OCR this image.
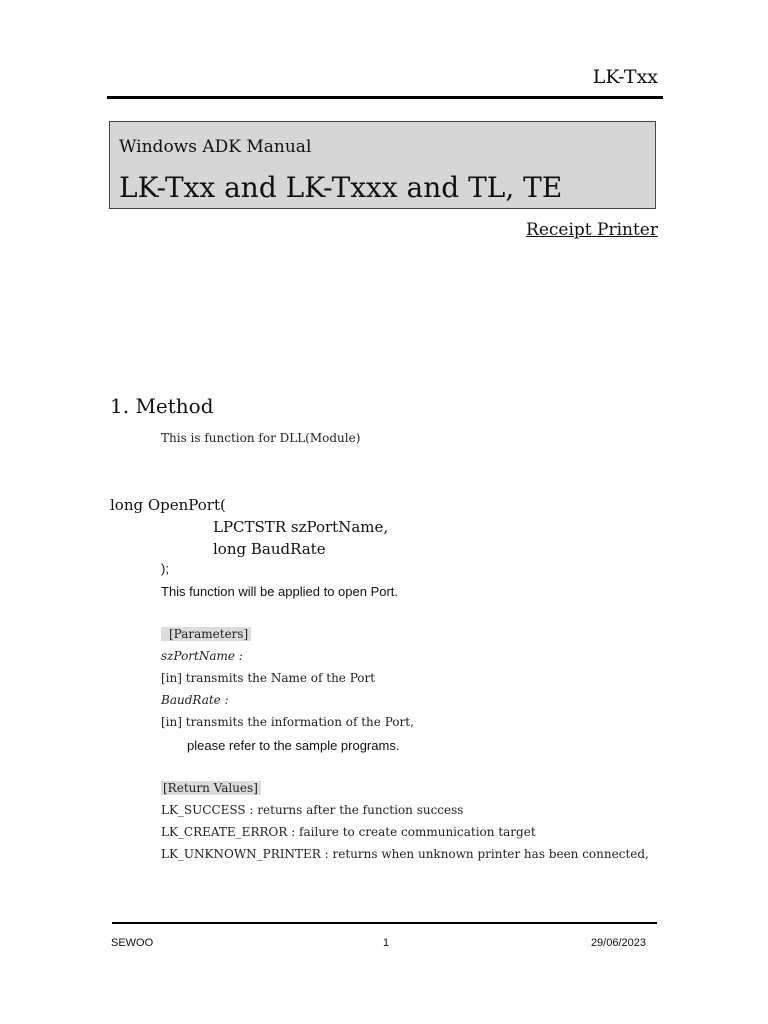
LK-Txx
Windows ADK Manual
LK-Txx and LK-Txxx and TL, TE
Receipt Printer
1. Method
This is function for DLL(Module)
long OpenPort(
LPCTSTR szPortName,
long BaudRate
);
This function will be applied to open Port.
[Parameters]
szPortName :
[in] transmits the Name of the Port
BaudRate :
[in] transmits the information of the Port,
please refer to the sample programs.
[Return Values]
LK_SUCCESS : returns after the function success
LK_CREATE_ERROR : failure to create communication target
LK_UNKNOWN_PRINTER : returns when unknown printer has been connected,
SEWOO	1	29/06/2023
